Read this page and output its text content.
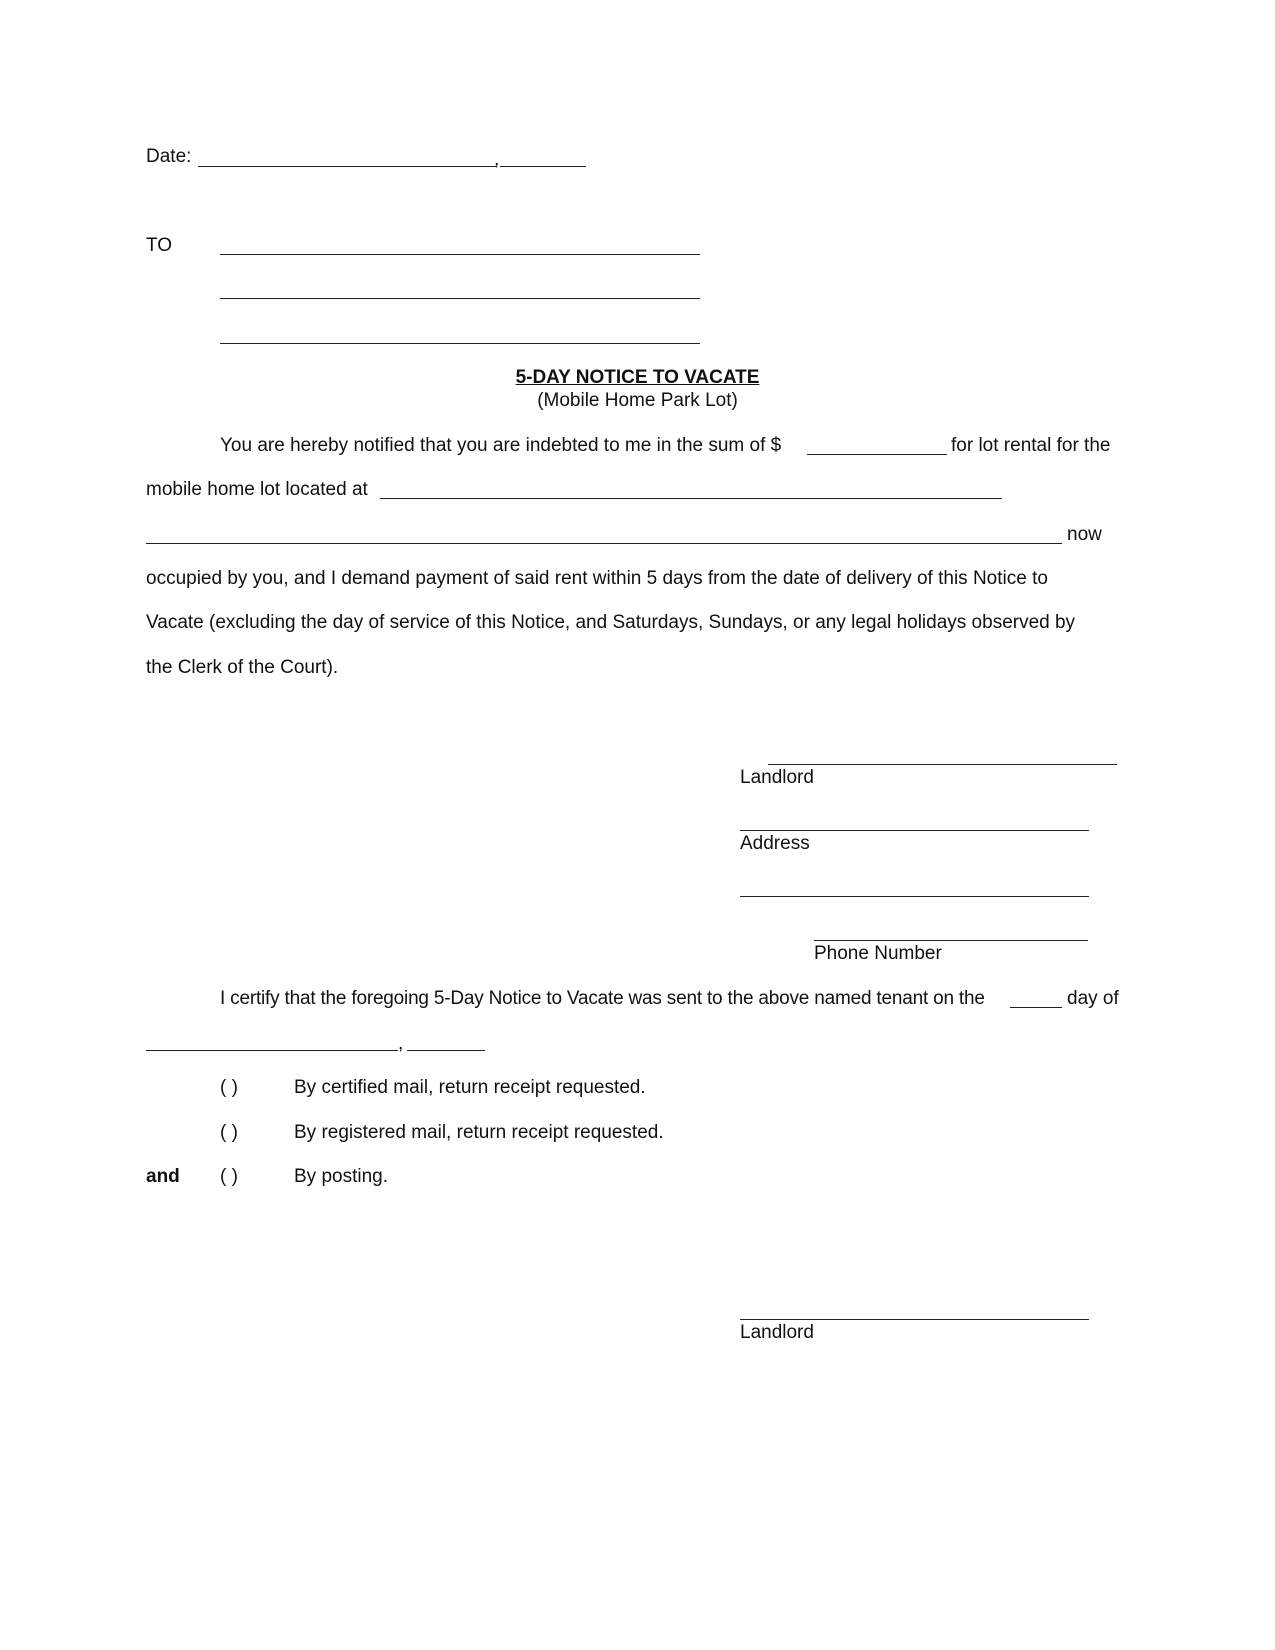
Date:	,
TO
5-DAY NOTICE TO VACATE
(Mobile Home Park Lot)
You are hereby notified that you are indebted to me in the sum of $	for lot rental for the
mobile home lot located at
now
occupied by you, and I demand payment of said rent within 5 days from the date of delivery of this Notice to
Vacate (excluding the day of service of this Notice, and Saturdays, Sundays, or any legal holidays observed by
the Clerk of the Court).
Landlord
Address
Phone Number
I certify that the foregoing 5-Day Notice to Vacate was sent to the above named tenant on the	day of
,
( )	By certified mail, return receipt requested.
( )	By registered mail, return receipt requested.
and ( )	By posting.
Landlord
